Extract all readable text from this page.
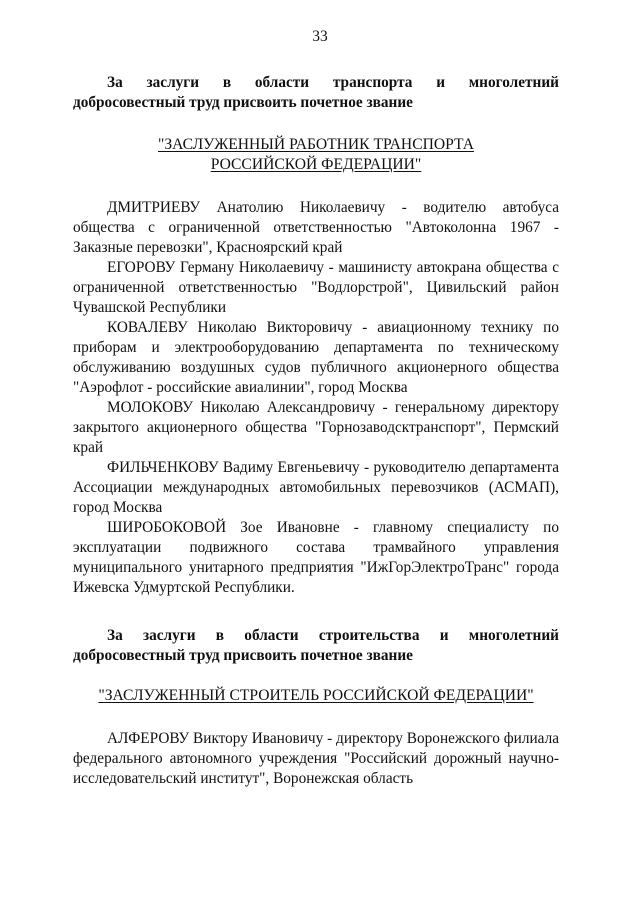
33
За заслуги в области транспорта и многолетний
добросовестный труд присвоить почетное звание
"ЗАСЛУЖЕННЫЙ РАБОТНИК ТРАНСПОРТА
РОССИЙСКОЙ ФЕДЕРАЦИИ"

ДМИТРИЕВУ Анатолию Николаевичу - водителю автобуса общества с ограниченной ответственностью "Автоколонна 1967 - Заказные перевозки", Красноярский край

ЕГОРОВУ Герману Николаевичу - машинисту автокрана общества с ограниченной ответственностью "Водлорстрой", Цивильский район Чувашской Республики

КОВАЛЕВУ Николаю Викторовичу - авиационному технику по приборам и электрооборудованию департамента по техническому обслуживанию воздушных судов публичного акционерного общества "Аэрофлот - российские авиалинии", город Москва

МОЛОКОВУ Николаю Александровичу - генеральному директору закрытого акционерного общества "Горнозаводсктранспорт", Пермский край

ФИЛЬЧЕНКОВУ Вадиму Евгеньевичу - руководителю департамента Ассоциации международных автомобильных перевозчиков (АСМАП), город Москва

ШИРОБОКОВОЙ Зое Ивановне - главному специалисту по эксплуатации подвижного состава трамвайного управления муниципального унитарного предприятия "ИжГорЭлектроТранс" города Ижевска Удмуртской Республики.

За заслуги в области строительства и многолетний
добросовестный труд присвоить почетное звание
"ЗАСЛУЖЕННЫЙ СТРОИТЕЛЬ РОССИЙСКОЙ ФЕДЕРАЦИИ"

АЛФЕРОВУ Виктору Ивановичу - директору Воронежского филиала федерального автономного учреждения "Российский дорожный научно-исследовательский институт", Воронежская область
